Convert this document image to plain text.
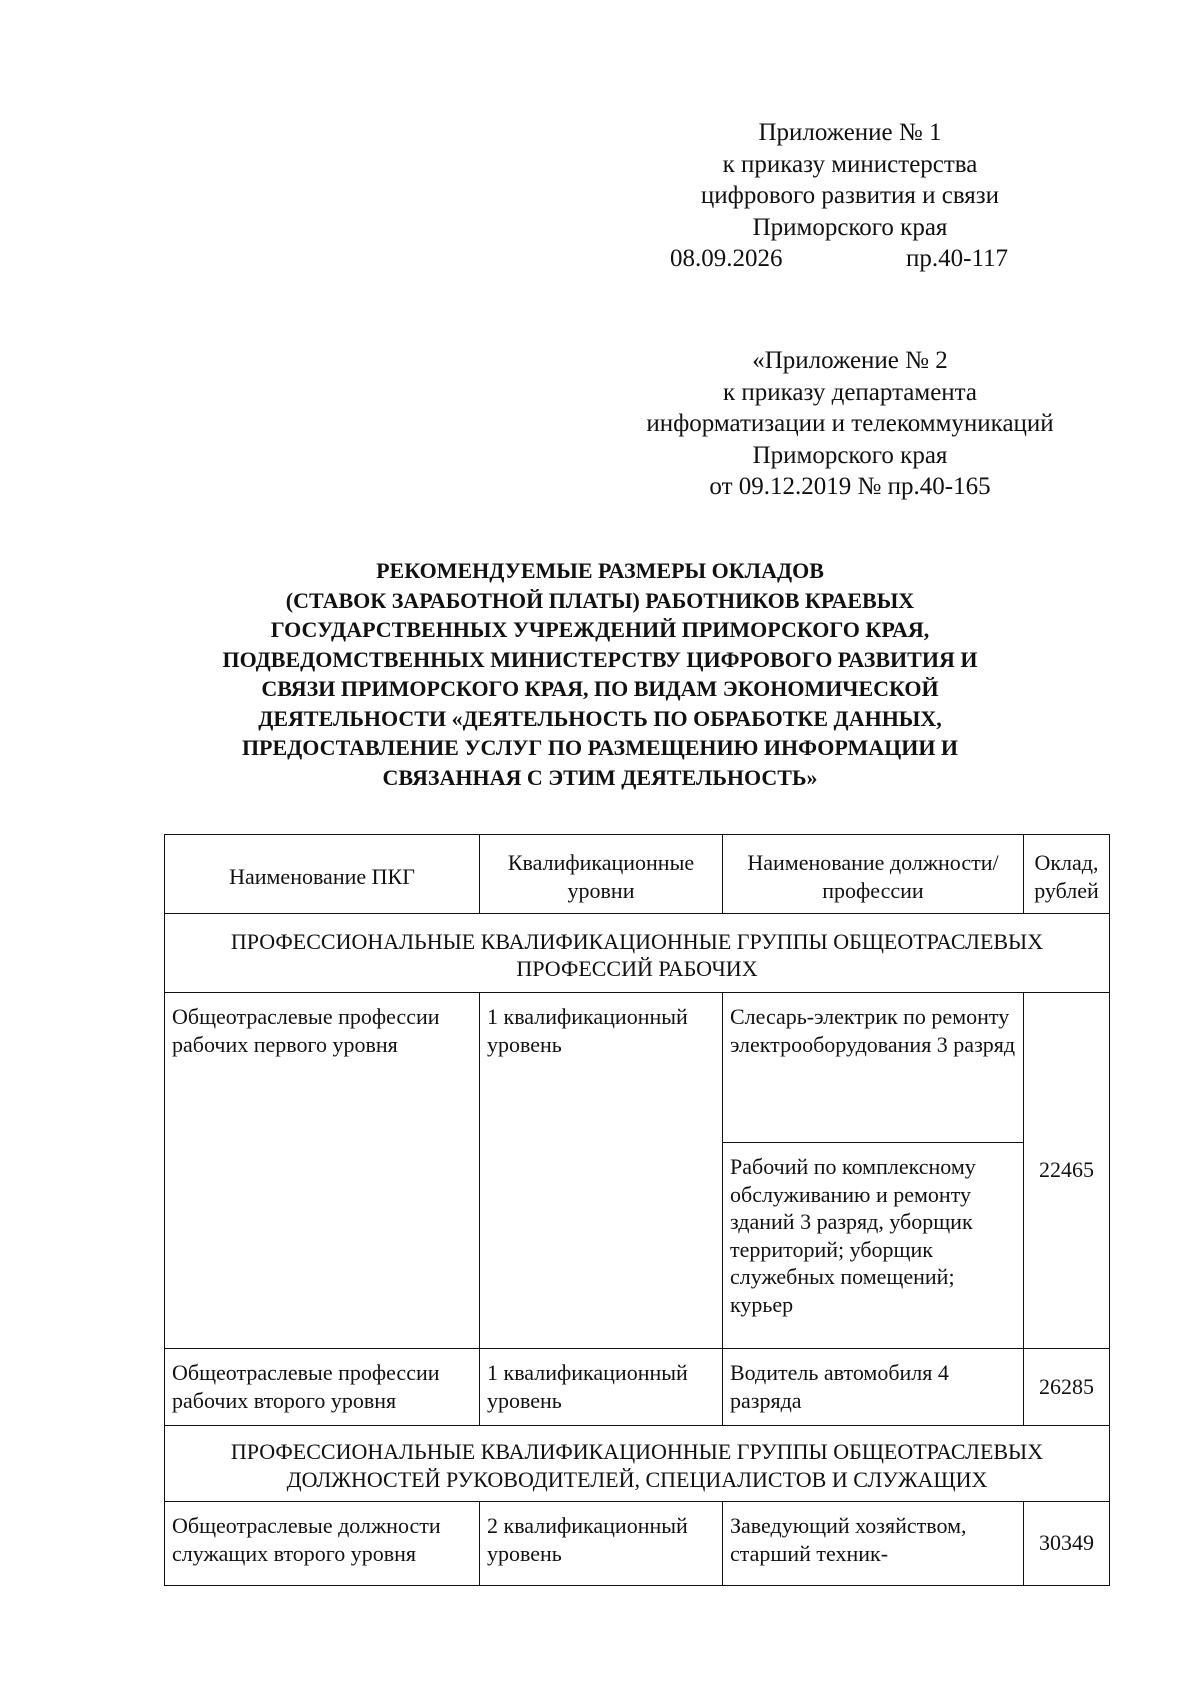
Приложение № 1
к приказу министерства
цифрового развития и связи
Приморского края
08.09.2026	пр.40-117
«Приложение № 2
к приказу департамента
информатизации и телекоммуникаций
Приморского края
от 09.12.2019 № пр.40-165
РЕКОМЕНДУЕМЫЕ РАЗМЕРЫ ОКЛАДОВ
(СТАВОК ЗАРАБОТНОЙ ПЛАТЫ) РАБОТНИКОВ КРАЕВЫХ
ГОСУДАРСТВЕННЫХ УЧРЕЖДЕНИЙ ПРИМОРСКОГО КРАЯ,
ПОДВЕДОМСТВЕННЫХ МИНИСТЕРСТВУ ЦИФРОВОГО РАЗВИТИЯ И
СВЯЗИ ПРИМОРСКОГО КРАЯ, ПО ВИДАМ ЭКОНОМИЧЕСКОЙ
ДЕЯТЕЛЬНОСТИ «ДЕЯТЕЛЬНОСТЬ ПО ОБРАБОТКЕ ДАННЫХ,
ПРЕДОСТАВЛЕНИЕ УСЛУГ ПО РАЗМЕЩЕНИЮ ИНФОРМАЦИИ И
СВЯЗАННАЯ С ЭТИМ ДЕЯТЕЛЬНОСТЬ»
Наименование ПКГ	Квалификационные уровни	Наименование должности/профессии	Оклад, рублей

ПРОФЕССИОНАЛЬНЫЕ КВАЛИФИКАЦИОННЫЕ ГРУППЫ ОБЩЕОТРАСЛЕВЫХ
ПРОФЕССИЙ РАБОЧИХ			

Общеотраслевые профессии рабочих первого уровня	1 квалификационный уровень	Слесарь-электрик по ремонту электрооборудования 3 разряд	22465
		Рабочий по комплексному обслуживанию и ремонту зданий 3 разряд, уборщик территорий; уборщик служебных помещений; курьер	
Общеотраслевые профессии рабочих второго уровня	1 квалификационный уровень	Водитель автомобиля 4 разряда	26285

ПРОФЕССИОНАЛЬНЫЕ КВАЛИФИКАЦИОННЫЕ ГРУППЫ ОБЩЕОТРАСЛЕВЫХ
ДОЛЖНОСТЕЙ РУКОВОДИТЕЛЕЙ, СПЕЦИАЛИСТОВ И СЛУЖАЩИХ			

Общеотраслевые должности служащих второго уровня	2 квалификационный уровень	Заведующий хозяйством, старший техник-	30349
